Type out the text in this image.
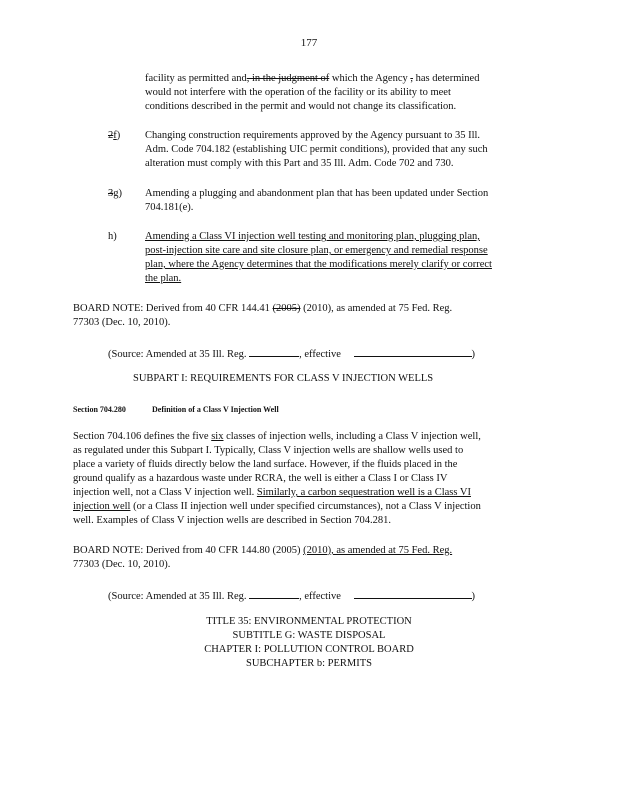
177
facility as permitted and, in the judgment of which the Agency , has determined
would not interfere with the operation of the facility or its ability to meet
conditions described in the permit and would not change its classification.
2f) Changing construction requirements approved by the Agency pursuant to 35 Ill.
Adm. Code 704.182 (establishing UIC permit conditions), provided that any such
alteration must comply with this Part and 35 Ill. Adm. Code 702 and 730.
3g) Amending a plugging and abandonment plan that has been updated under Section
704.181(e).
h)	Amending a Class VI injection well testing and monitoring plan, plugging plan,
post-injection site care and site closure plan, or emergency and remedial response
plan, where the Agency determines that the modifications merely clarify or correct
the plan.
BOARD NOTE: Derived from 40 CFR 144.41 (2005) (2010), as amended at 75 Fed. Reg.
77303 (Dec. 10, 2010).
(Source: Amended at 35 Ill. Reg.	, effective	)
SUBPART I: REQUIREMENTS FOR CLASS V INJECTION WELLS
Section 704.280	Definition of a Class V Injection Well
Section 704.106 defines the five six classes of injection wells, including a Class V injection well,
as regulated under this Subpart I. Typically, Class V injection wells are shallow wells used to
place a variety of fluids directly below the land surface. However, if the fluids placed in the
ground qualify as a hazardous waste under RCRA, the well is either a Class I or Class IV
injection well, not a Class V injection well. Similarly, a carbon sequestration well is a Class VI
injection well (or a Class II injection well under specified circumstances), not a Class V injection
well. Examples of Class V injection wells are described in Section 704.281.
BOARD NOTE: Derived from 40 CFR 144.80 (2005) (2010), as amended at 75 Fed. Reg.
77303 (Dec. 10, 2010).
(Source: Amended at 35 Ill. Reg.	, effective	)
TITLE 35: ENVIRONMENTAL PROTECTION
SUBTITLE G: WASTE DISPOSAL
CHAPTER I: POLLUTION CONTROL BOARD
SUBCHAPTER b: PERMITS
